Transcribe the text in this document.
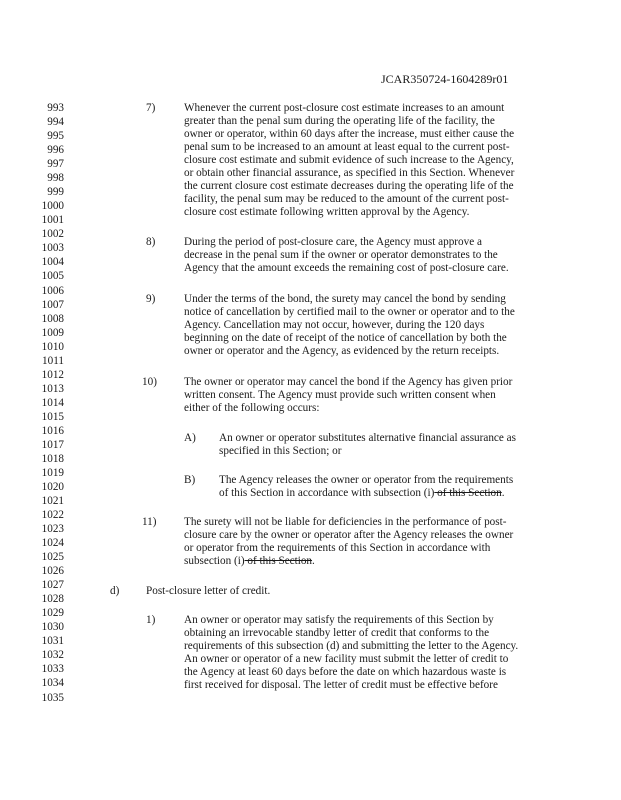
JCAR350724-1604289r01
993
994
995
996
997
998
999
1000
1001
1002
1003
1004
1005
1006
1007
1008
1009
1010
1011
1012
1013
1014
1015
1016
1017
1018
1019
1020
1021
1022
1023
1024
1025
1026
1027
1028
1029
1030
1031
1032
1033
1034
1035
7)	Whenever the current post-closure cost estimate increases to an amount
greater than the penal sum during the operating life of the facility, the
owner or operator, within 60 days after the increase, must either cause the
penal sum to be increased to an amount at least equal to the current post-
closure cost estimate and submit evidence of such increase to the Agency,
or obtain other financial assurance, as specified in this Section. Whenever
the current closure cost estimate decreases during the operating life of the
facility, the penal sum may be reduced to the amount of the current post-
closure cost estimate following written approval by the Agency.
8)	During the period of post-closure care, the Agency must approve a
decrease in the penal sum if the owner or operator demonstrates to the
Agency that the amount exceeds the remaining cost of post-closure care.
9)	Under the terms of the bond, the surety may cancel the bond by sending
notice of cancellation by certified mail to the owner or operator and to the
Agency. Cancellation may not occur, however, during the 120 days
beginning on the date of receipt of the notice of cancellation by both the
owner or operator and the Agency, as evidenced by the return receipts.
10) The owner or operator may cancel the bond if the Agency has given prior
written consent. The Agency must provide such written consent when
either of the following occurs:
A) An owner or operator substitutes alternative financial assurance as
specified in this Section; or
B) The Agency releases the owner or operator from the requirements
of this Section in accordance with subsection (i) of this Section.
11) The surety will not be liable for deficiencies in the performance of post-
closure care by the owner or operator after the Agency releases the owner
or operator from the requirements of this Section in accordance with
subsection (i) of this Section.
d) Post-closure letter of credit.
1)	An owner or operator may satisfy the requirements of this Section by
obtaining an irrevocable standby letter of credit that conforms to the
requirements of this subsection (d) and submitting the letter to the Agency.
An owner or operator of a new facility must submit the letter of credit to
the Agency at least 60 days before the date on which hazardous waste is
first received for disposal. The letter of credit must be effective before
